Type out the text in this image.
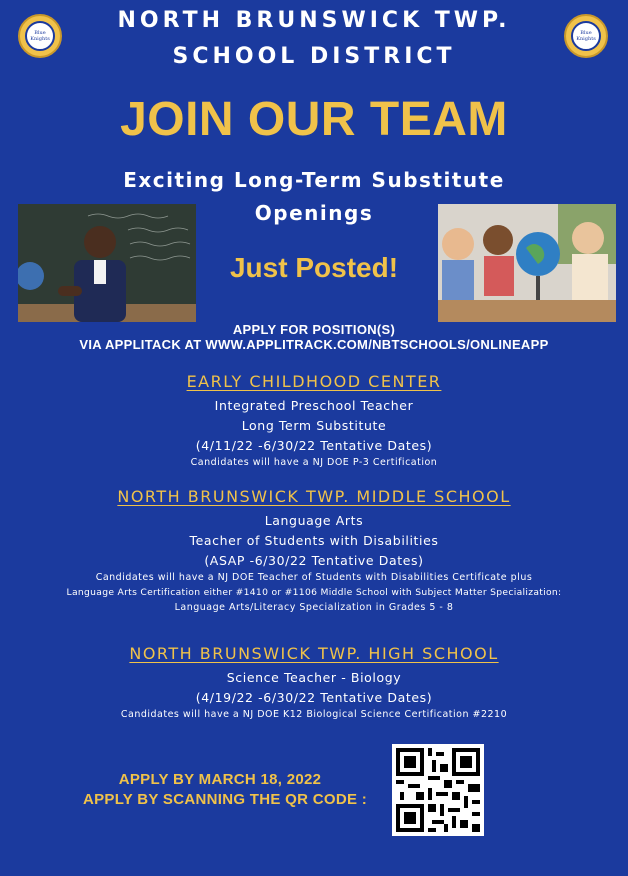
Blue Knights
Blue Knights
NORTH BRUNSWICK TWP.
SCHOOL DISTRICT
JOIN OUR TEAM
Exciting Long-Term Substitute
Openings
Just Posted!
APPLY FOR POSITION(S)
VIA APPLITACK AT WWW.APPLITRACK.COM/NBTSCHOOLS/ONLINEAPP
EARLY CHILDHOOD CENTER
Integrated Preschool Teacher
Long Term Substitute
(4/11/22 -6/30/22 Tentative Dates)
Candidates will have a NJ DOE P-3 Certification
NORTH BRUNSWICK TWP. MIDDLE SCHOOL
Language Arts
Teacher of Students with Disabilities
(ASAP -6/30/22 Tentative Dates)
Candidates will have a NJ DOE Teacher of Students with Disabilities Certificate plus
Language Arts Certification either #1410 or #1106 Middle School with Subject Matter Specialization:
Language Arts/Literacy Specialization in Grades 5 - 8
NORTH BRUNSWICK TWP. HIGH SCHOOL
Science Teacher - Biology
(4/19/22 -6/30/22 Tentative Dates)
Candidates will have a NJ DOE K12 Biological Science Certification #2210
APPLY BY MARCH 18, 2022
APPLY BY SCANNING THE QR CODE :
